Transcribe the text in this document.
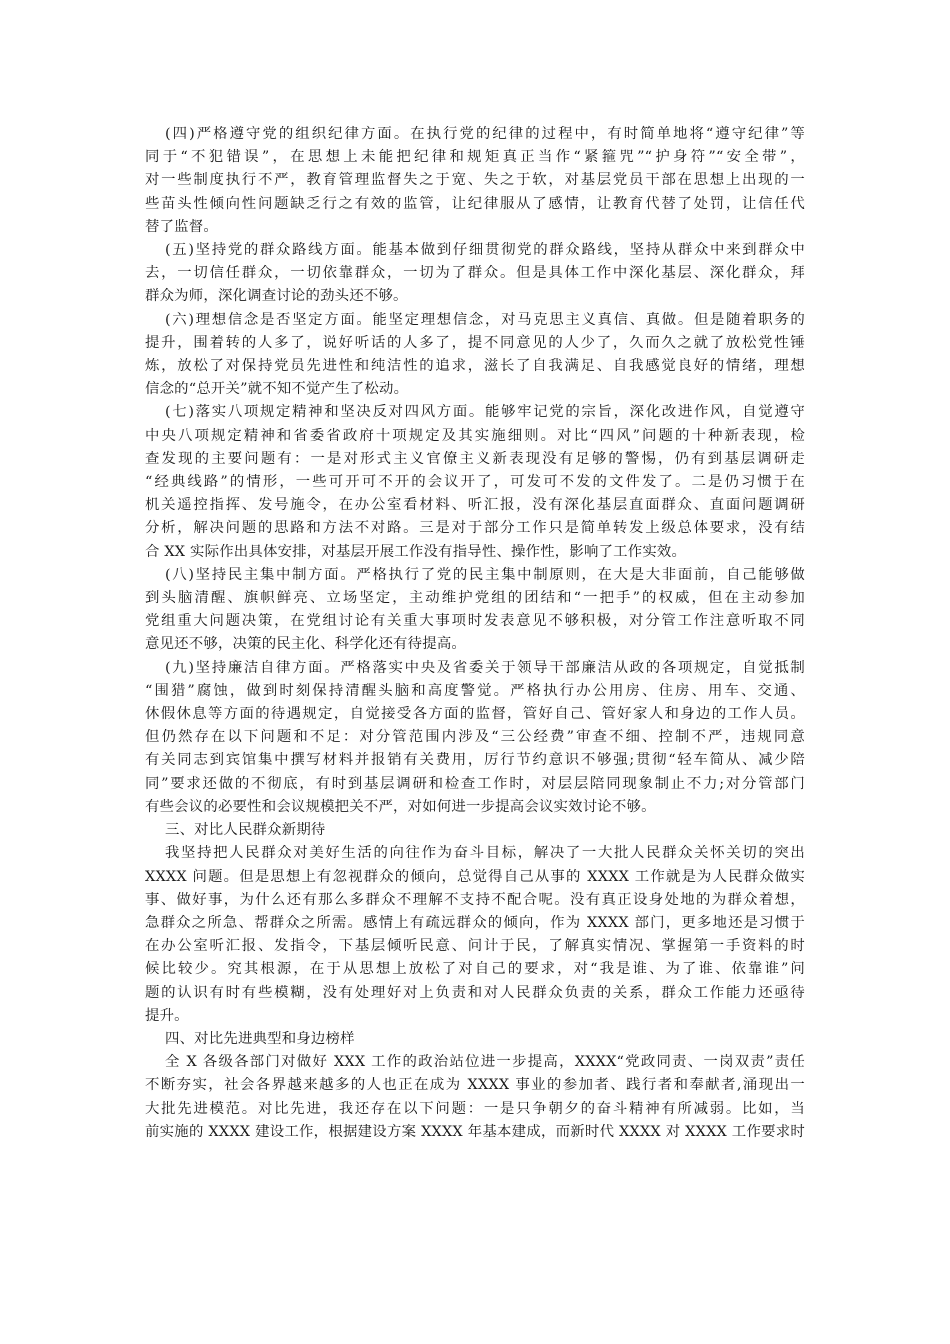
(四)严格遵守党的组织纪律方面。在执行党的纪律的过程中，有时简单地将“遵守纪律”等
同于“不犯错误”，在思想上未能把纪律和规矩真正当作“紧箍咒”“护身符”“安全带”，
对一些制度执行不严，教育管理监督失之于宽、失之于软，对基层党员干部在思想上出现的一
些苗头性倾向性问题缺乏行之有效的监管，让纪律服从了感情，让教育代替了处罚，让信任代
替了监督。
(五)坚持党的群众路线方面。能基本做到仔细贯彻党的群众路线，坚持从群众中来到群众中
去，一切信任群众，一切依靠群众，一切为了群众。但是具体工作中深化基层、深化群众，拜
群众为师，深化调查讨论的劲头还不够。
(六)理想信念是否坚定方面。能坚定理想信念，对马克思主义真信、真做。但是随着职务的
提升，围着转的人多了，说好听话的人多了，提不同意见的人少了，久而久之就了放松党性锤
炼，放松了对保持党员先进性和纯洁性的追求，滋长了自我满足、自我感觉良好的情绪，理想
信念的“总开关”就不知不觉产生了松动。
(七)落实八项规定精神和坚决反对四风方面。能够牢记党的宗旨，深化改进作风，自觉遵守
中央八项规定精神和省委省政府十项规定及其实施细则。对比“四风”问题的十种新表现，检
查发现的主要问题有：一是对形式主义官僚主义新表现没有足够的警惕，仍有到基层调研走
“经典线路”的情形，一些可开可不开的会议开了，可发可不发的文件发了。二是仍习惯于在
机关遥控指挥、发号施令，在办公室看材料、听汇报，没有深化基层直面群众、直面问题调研
分析，解决问题的思路和方法不对路。三是对于部分工作只是简单转发上级总体要求，没有结
合 XX 实际作出具体安排，对基层开展工作没有指导性、操作性，影响了工作实效。
(八)坚持民主集中制方面。严格执行了党的民主集中制原则，在大是大非面前，自己能够做
到头脑清醒、旗帜鲜亮、立场坚定，主动维护党组的团结和“一把手”的权威，但在主动参加
党组重大问题决策，在党组讨论有关重大事项时发表意见不够积极，对分管工作注意听取不同
意见还不够，决策的民主化、科学化还有待提高。
(九)坚持廉洁自律方面。严格落实中央及省委关于领导干部廉洁从政的各项规定，自觉抵制
“围猎”腐蚀，做到时刻保持清醒头脑和高度警觉。严格执行办公用房、住房、用车、交通、
休假休息等方面的待遇规定，自觉接受各方面的监督，管好自己、管好家人和身边的工作人员。
但仍然存在以下问题和不足：对分管范围内涉及“三公经费”审查不细、控制不严，违规同意
有关同志到宾馆集中撰写材料并报销有关费用，厉行节约意识不够强;贯彻“轻车简从、减少陪
同”要求还做的不彻底，有时到基层调研和检查工作时，对层层陪同现象制止不力;对分管部门
有些会议的必要性和会议规模把关不严，对如何进一步提高会议实效讨论不够。
三、对比人民群众新期待
我坚持把人民群众对美好生活的向往作为奋斗目标，解决了一大批人民群众关怀关切的突出
XXXX 问题。但是思想上有忽视群众的倾向，总觉得自己从事的 XXXX 工作就是为人民群众做实
事、做好事，为什么还有那么多群众不理解不支持不配合呢。没有真正设身处地的为群众着想，
急群众之所急、帮群众之所需。感情上有疏远群众的倾向，作为 XXXX 部门，更多地还是习惯于
在办公室听汇报、发指令，下基层倾听民意、问计于民，了解真实情况、掌握第一手资料的时
候比较少。究其根源，在于从思想上放松了对自己的要求，对“我是谁、为了谁、依靠谁”问
题的认识有时有些模糊，没有处理好对上负责和对人民群众负责的关系，群众工作能力还亟待
提升。
四、对比先进典型和身边榜样
全 X 各级各部门对做好 XXX 工作的政治站位进一步提高，XXXX“党政同责、一岗双责”责任
不断夯实，社会各界越来越多的人也正在成为 XXXX 事业的参加者、践行者和奉献者,涌现出一
大批先进模范。对比先进，我还存在以下问题：一是只争朝夕的奋斗精神有所减弱。比如，当
前实施的 XXXX 建设工作，根据建设方案 XXXX 年基本建成，而新时代 XXXX 对 XXXX 工作要求时
